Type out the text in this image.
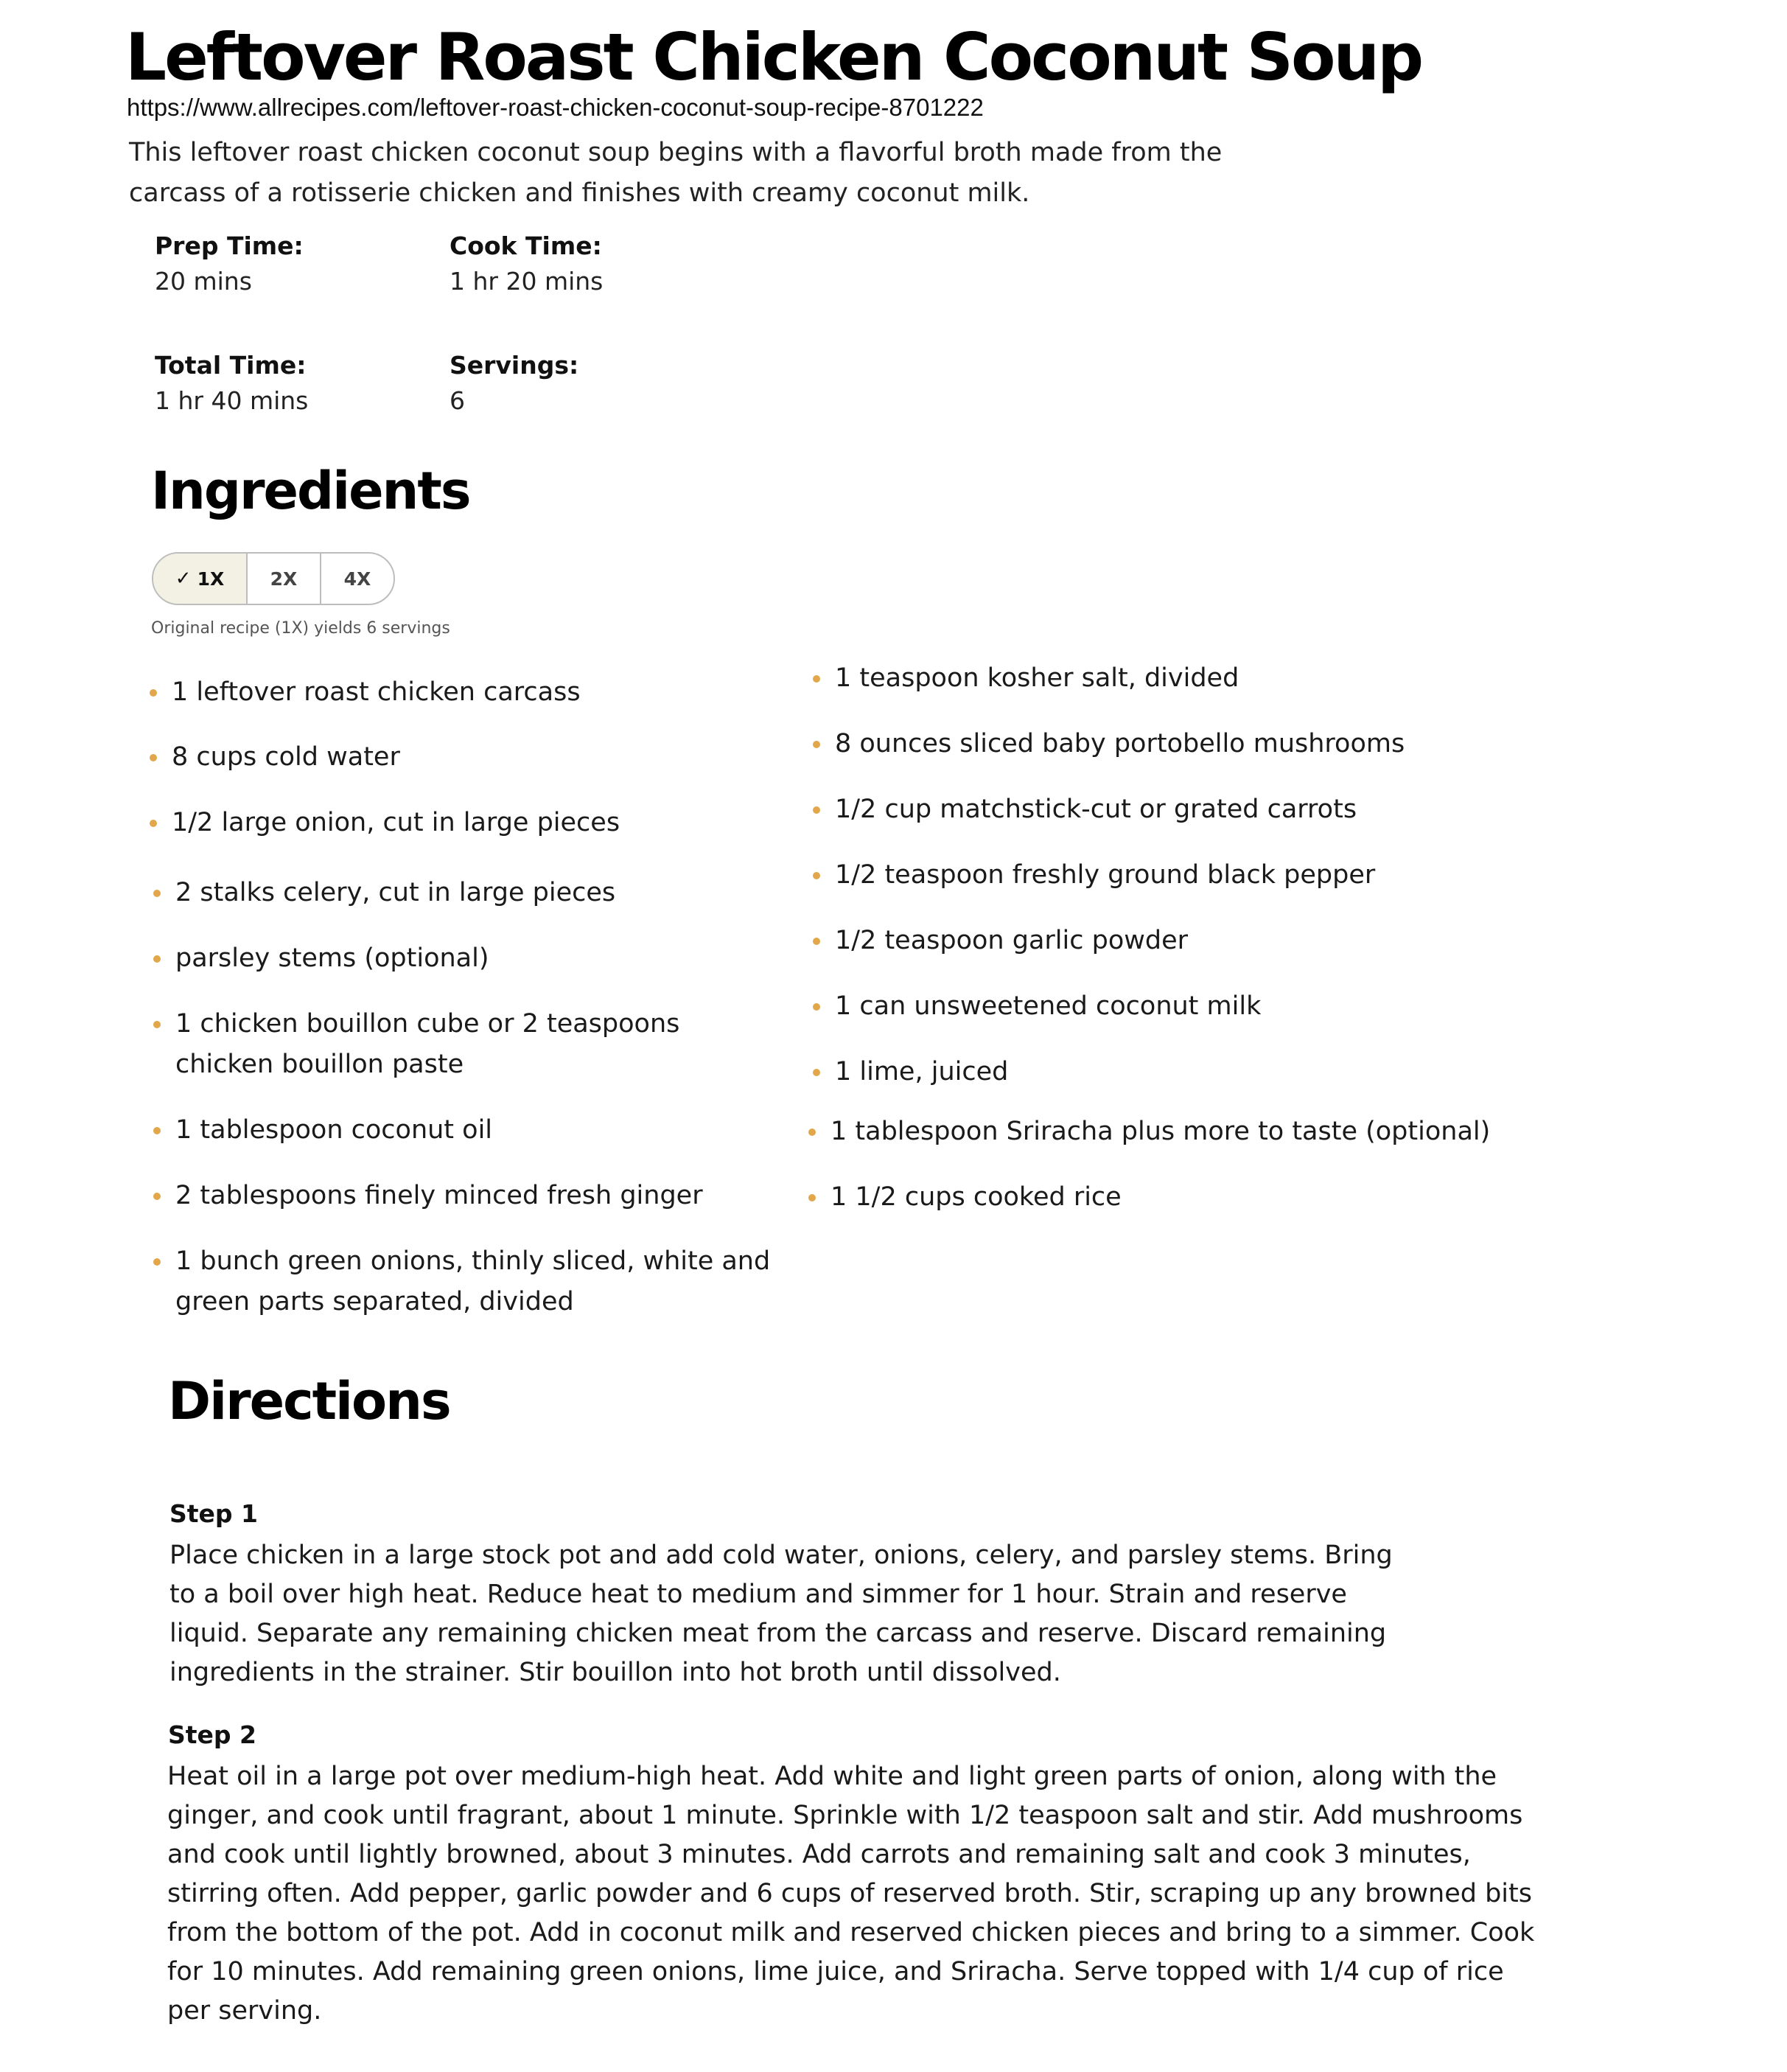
Leftover Roast Chicken Coconut Soup
https://www.allrecipes.com/leftover-roast-chicken-coconut-soup-recipe-8701222

This leftover roast chicken coconut soup begins with a flavorful broth made from the carcass of a rotisserie chicken and finishes with creamy coconut milk.

Prep Time:
20 mins
Cook Time:
1 hr 20 mins
Total Time:
1 hr 40 mins
Servings:
6
Ingredients
✓ 1X 2X	4X
Original recipe (1X) yields 6 servings
1 leftover roast chicken carcass
8 cups cold water
1/2 large onion, cut in large pieces
2 stalks celery, cut in large pieces
parsley stems (optional)
1 chicken bouillon cube or 2 teaspoons chicken bouillon paste
1 tablespoon coconut oil
2 tablespoons finely minced fresh ginger
1 bunch green onions, thinly sliced, white and green parts separated, divided
1 teaspoon kosher salt, divided
8 ounces sliced baby portobello mushrooms
1/2 cup matchstick-cut or grated carrots
1/2 teaspoon freshly ground black pepper
1/2 teaspoon garlic powder
1 can unsweetened coconut milk
1 lime, juiced
1 tablespoon Sriracha plus more to taste (optional)
1 1/2 cups cooked rice
Directions
Step 1

Place chicken in a large stock pot and add cold water, onions, celery, and parsley stems. Bring to a boil over high heat. Reduce heat to medium and simmer for 1 hour. Strain and reserve liquid. Separate any remaining chicken meat from the carcass and reserve. Discard remaining ingredients in the strainer. Stir bouillon into hot broth until dissolved.

Step 2

Heat oil in a large pot over medium-high heat. Add white and light green parts of onion, along with the ginger, and cook until fragrant, about 1 minute. Sprinkle with 1/2 teaspoon salt and stir. Add mushrooms and cook until lightly browned, about 3 minutes. Add carrots and remaining salt and cook 3 minutes, stirring often. Add pepper, garlic powder and 6 cups of reserved broth. Stir, scraping up any browned bits from the bottom of the pot. Add in coconut milk and reserved chicken pieces and bring to a simmer. Cook for 10 minutes. Add remaining green onions, lime juice, and Sriracha. Serve topped with 1/4 cup of rice per serving.
